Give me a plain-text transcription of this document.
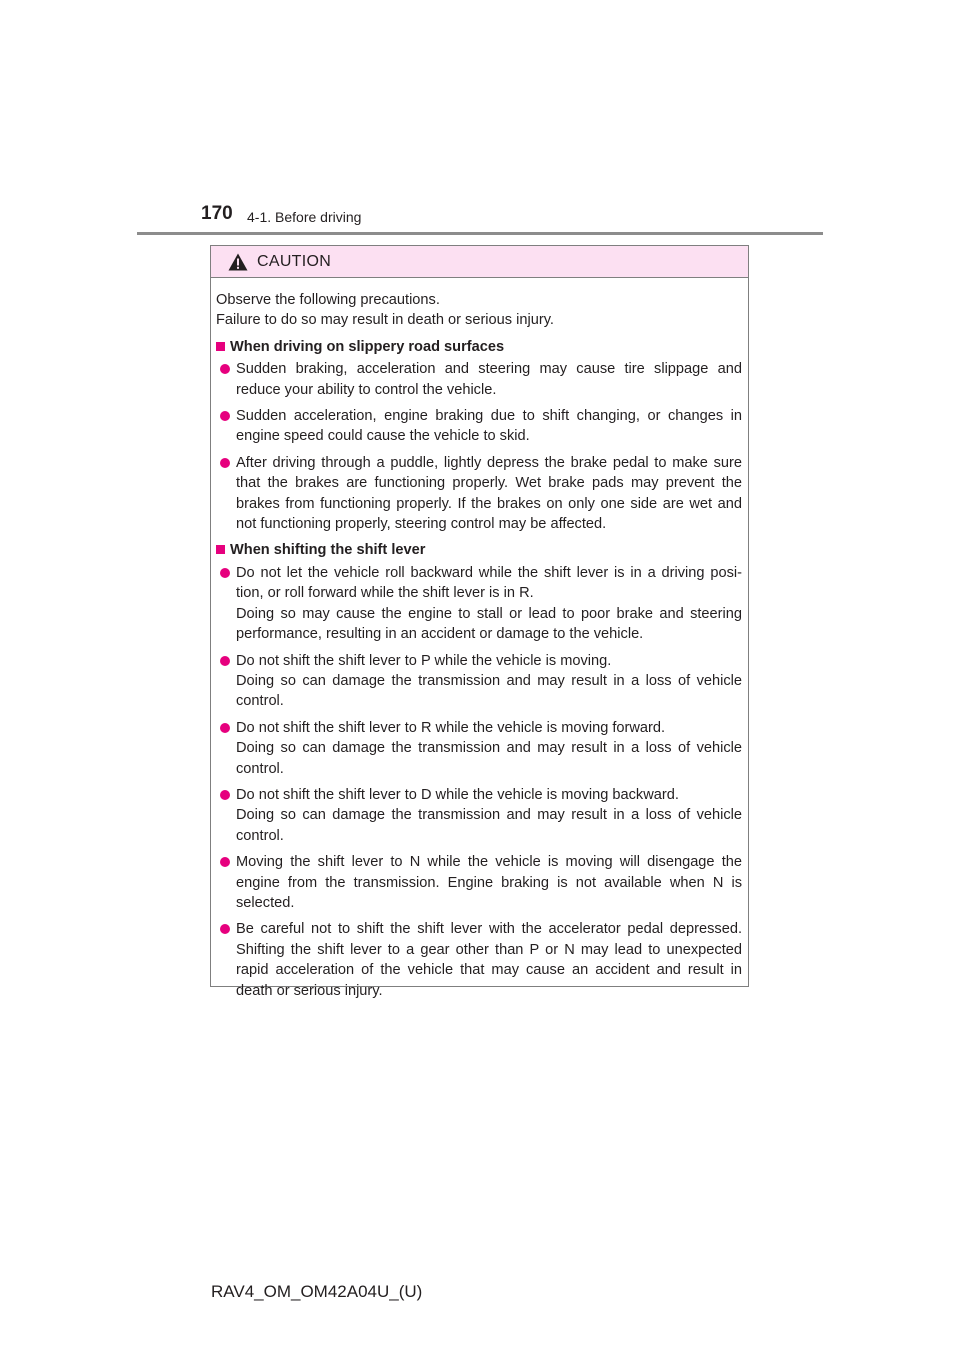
170 4-1. Before driving
CAUTION

Observe the following precautions.

Failure to do so may result in death or serious injury.

When driving on slippery road surfaces

Sudden braking, acceleration and steering may cause tire slippage and reduce your ability to control the vehicle.

Sudden acceleration, engine braking due to shift changing, or changes in engine speed could cause the vehicle to skid.

After driving through a puddle, lightly depress the brake pedal to make sure that the brakes are functioning properly. Wet brake pads may prevent the brakes from functioning properly. If the brakes on only one side are wet and not functioning properly, steering control may be affected.

When shifting the shift lever

Do not let the vehicle roll backward while the shift lever is in a driving posi-tion, or roll forward while the shift lever is in R.

Doing so may cause the engine to stall or lead to poor brake and steering performance, resulting in an accident or damage to the vehicle.

Do not shift the shift lever to P while the vehicle is moving.

Doing so can damage the transmission and may result in a loss of vehicle control.

Do not shift the shift lever to R while the vehicle is moving forward.

Doing so can damage the transmission and may result in a loss of vehicle control.

Do not shift the shift lever to D while the vehicle is moving backward.

Doing so can damage the transmission and may result in a loss of vehicle control.

Moving the shift lever to N while the vehicle is moving will disengage the engine from the transmission. Engine braking is not available when N is selected.

Be careful not to shift the shift lever with the accelerator pedal depressed. Shifting the shift lever to a gear other than P or N may lead to unexpected rapid acceleration of the vehicle that may cause an accident and result in death or serious injury.

RAV4_OM_OM42A04U_(U)
